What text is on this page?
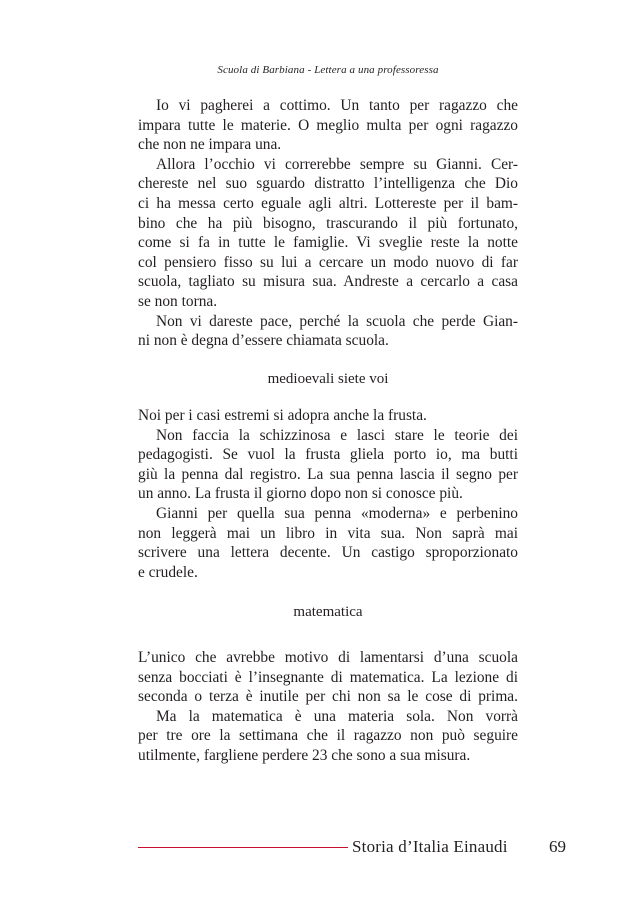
Scuola di Barbiana - Lettera a una professoressa
Io vi pagherei a cottimo. Un tanto per ragazzo che
impara tutte le materie. O meglio multa per ogni ragazzo
che non ne impara una.
Allora l’occhio vi correrebbe sempre su Gianni. Cer-
chereste nel suo sguardo distratto l’intelligenza che Dio
ci ha messa certo eguale agli altri. Lottereste per il bam-
bino che ha più bisogno, trascurando il più fortunato,
come si fa in tutte le famiglie. Vi sveglie reste la notte
col pensiero fisso su lui a cercare un modo nuovo di far
scuola, tagliato su misura sua. Andreste a cercarlo a casa
se non torna.
Non vi dareste pace, perché la scuola che perde Gian-
ni non è degna d’essere chiamata scuola.
medioevali siete voi
Noi per i casi estremi si adopra anche la frusta.
Non faccia la schizzinosa e lasci stare le teorie dei
pedagogisti. Se vuol la frusta gliela porto io, ma butti
giù la penna dal registro. La sua penna lascia il segno per
un anno. La frusta il giorno dopo non si conosce più.
Gianni per quella sua penna «moderna» e perbenino
non leggerà mai un libro in vita sua. Non saprà mai
scrivere una lettera decente. Un castigo sproporzionato
e crudele.
matematica
L’unico che avrebbe motivo di lamentarsi d’una scuola
senza bocciati è l’insegnante di matematica. La lezione di
seconda o terza è inutile per chi non sa le cose di prima.
Ma la matematica è una materia sola. Non vorrà
per tre ore la settimana che il ragazzo non può seguire
utilmente, fargliene perdere 23 che sono a sua misura.
Storia d’Italia Einaudi 69
